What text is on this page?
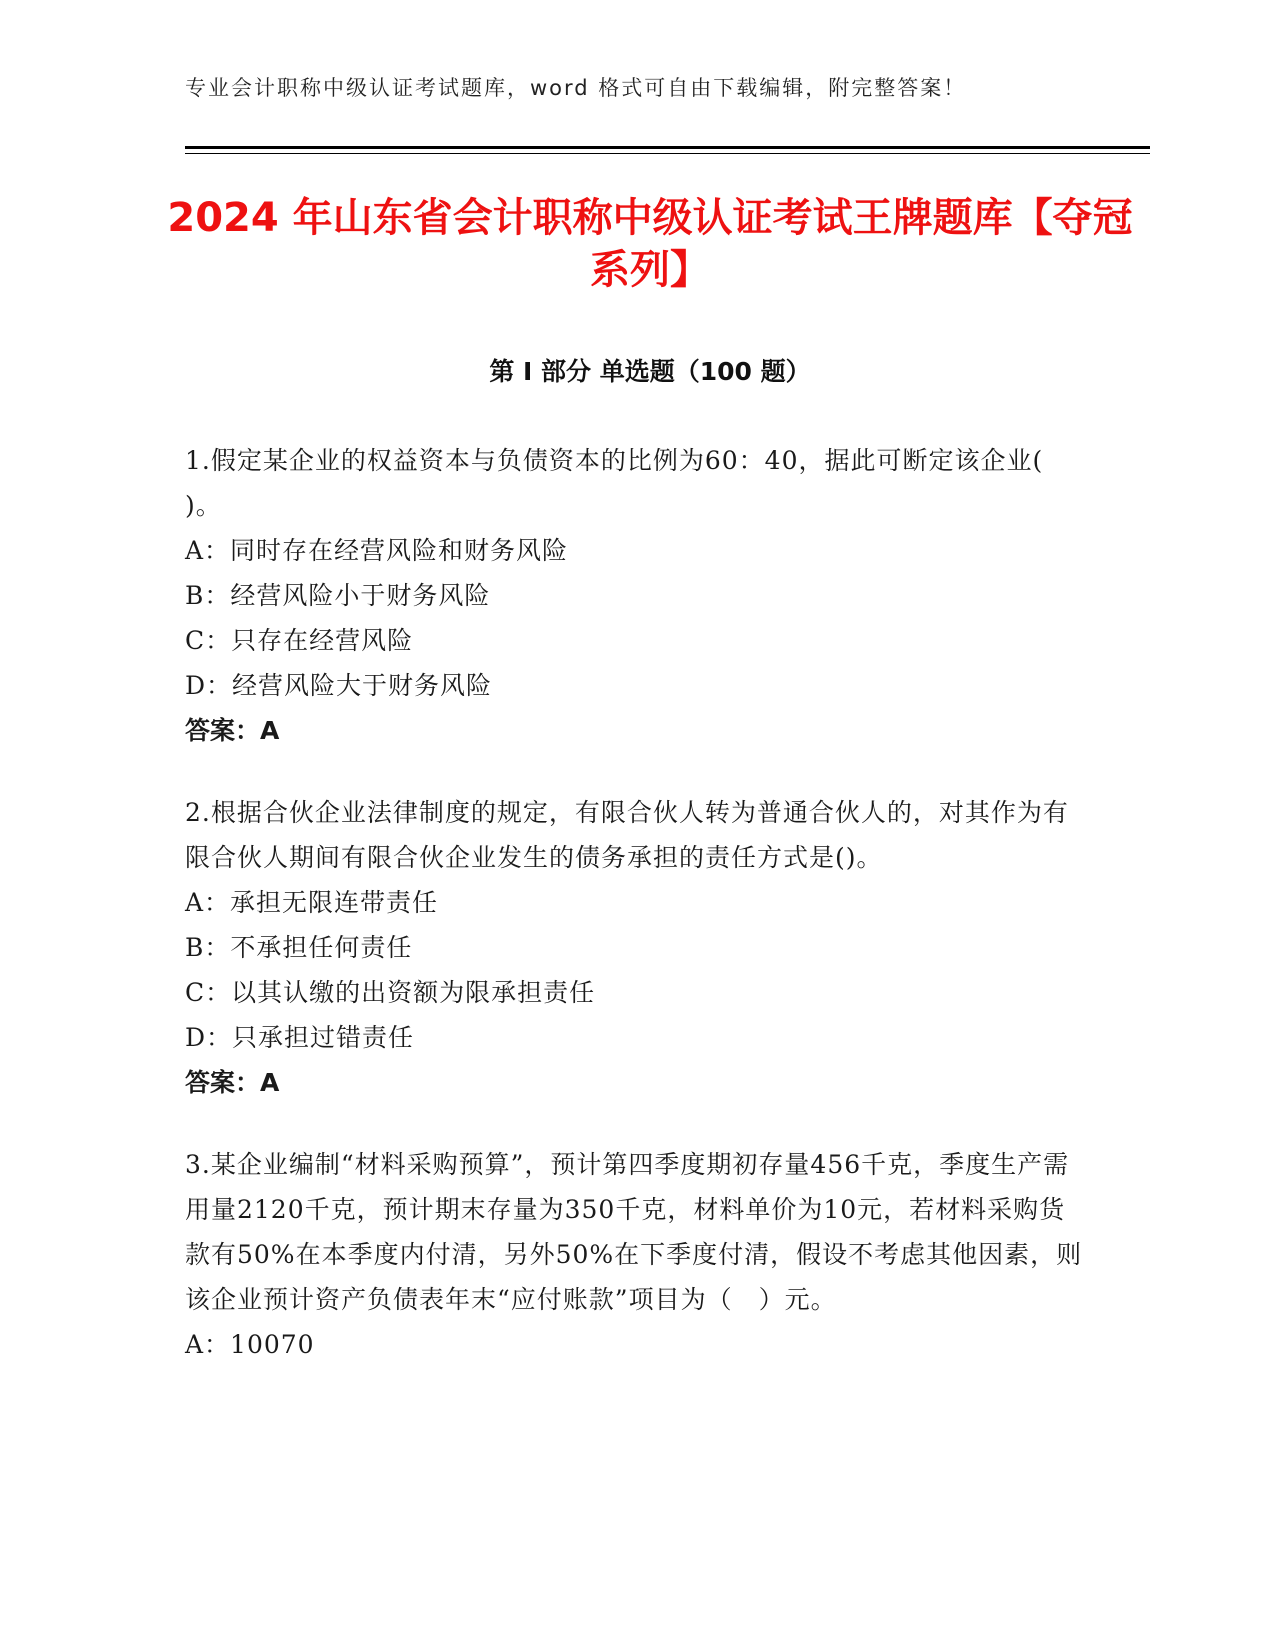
专业会计职称中级认证考试题库，word 格式可自由下载编辑，附完整答案！
2024 年山东省会计职称中级认证考试王牌题库【夺冠系列】
第 I 部分 单选题（100 题）

1.假定某企业的权益资本与负债资本的比例为60：40，据此可断定该企业(　　)。

A：同时存在经营风险和财务风险

B：经营风险小于财务风险

C：只存在经营风险

D：经营风险大于财务风险

答案：A

2.根据合伙企业法律制度的规定，有限合伙人转为普通合伙人的，对其作为有限合伙人期间有限合伙企业发生的债务承担的责任方式是()。

A：承担无限连带责任

B：不承担任何责任

C：以其认缴的出资额为限承担责任

D：只承担过错责任

答案：A

3.某企业编制“材料采购预算”，预计第四季度期初存量456千克，季度生产需用量2120千克，预计期末存量为350千克，材料单价为10元，若材料采购货款有50%在本季度内付清，另外50%在下季度付清，假设不考虑其他因素，则该企业预计资产负债表年末“应付账款”项目为（　）元。

A：10070
